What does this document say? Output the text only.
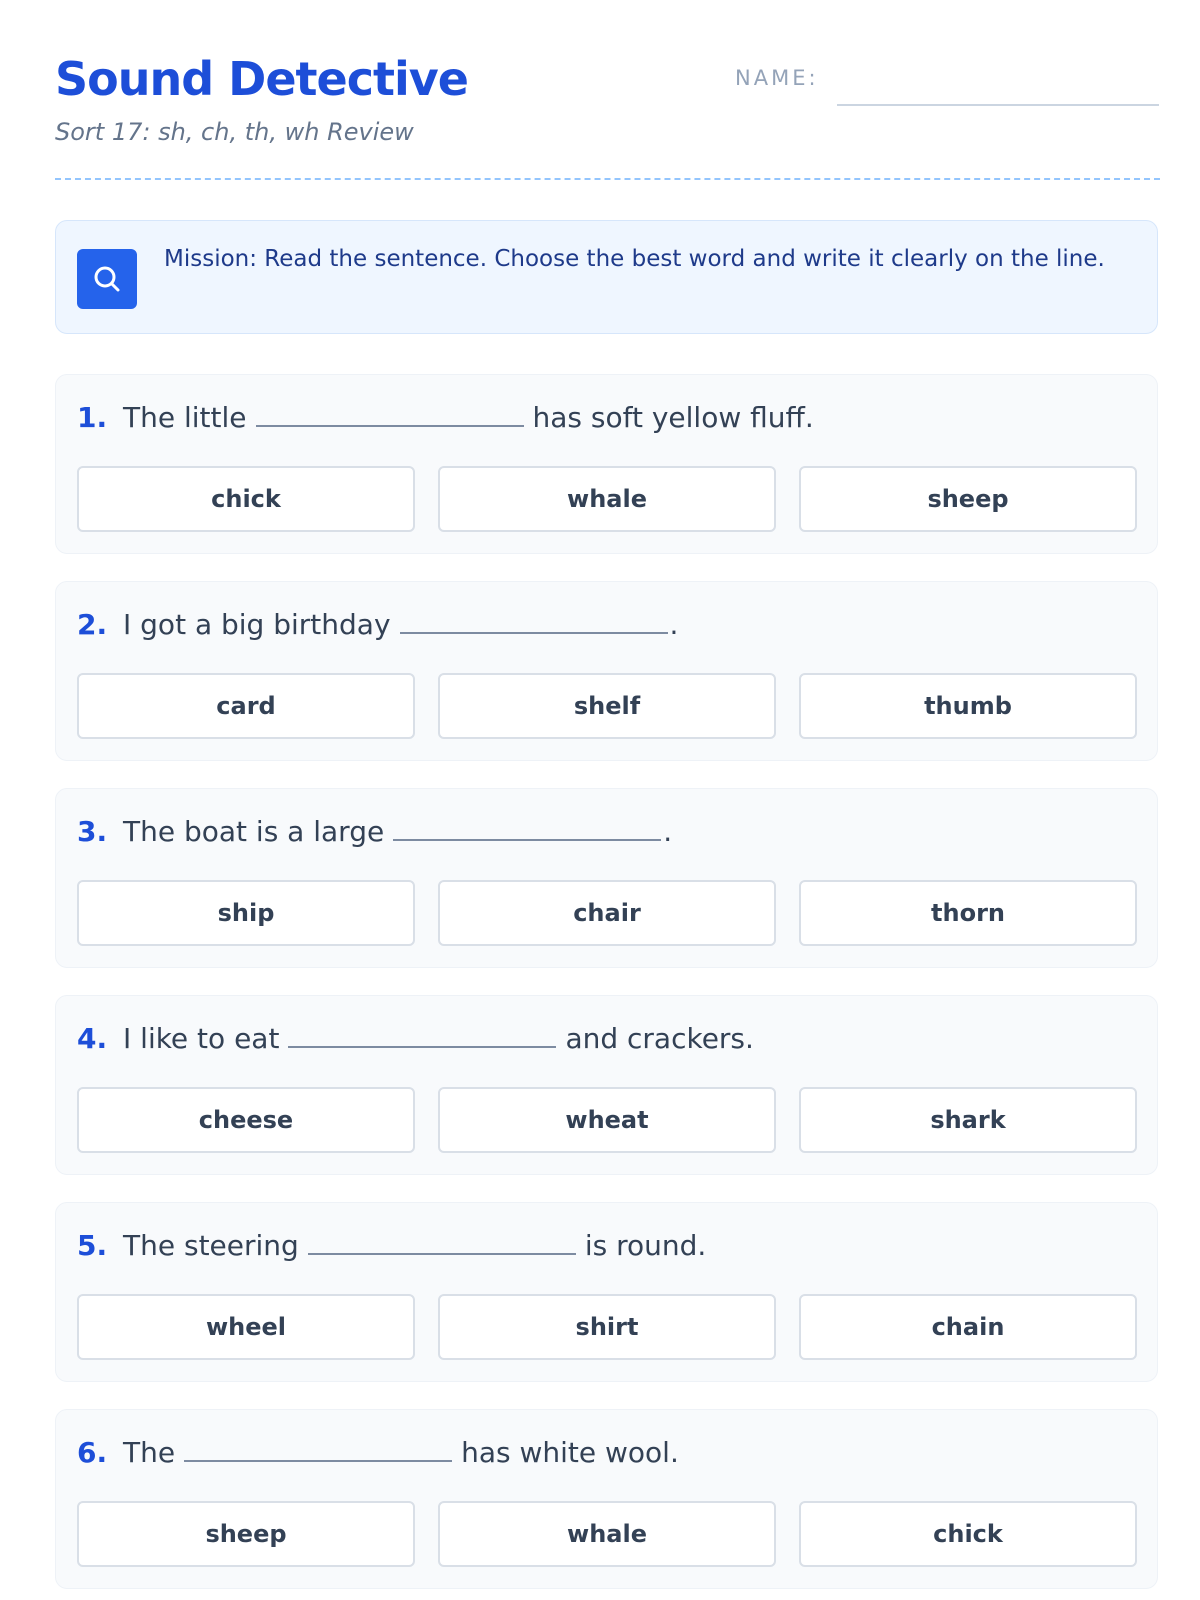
Sound Detective
Sort 17: sh, ch, th, wh Review
NAME:
Mission: Read the sentence. Choose the best word and write it clearly on the line.
1. The little	has soft yellow fluff.
chick	whale	sheep
2. I got a big birthday	.
card	shelf	thumb
3. The boat is a large	.
ship	chair	thorn
4. I like to eat	and crackers.
cheese	wheat	shark
5. The steering	is round.
wheel	shirt	chain
6. The	has white wool.
sheep	whale	chick
